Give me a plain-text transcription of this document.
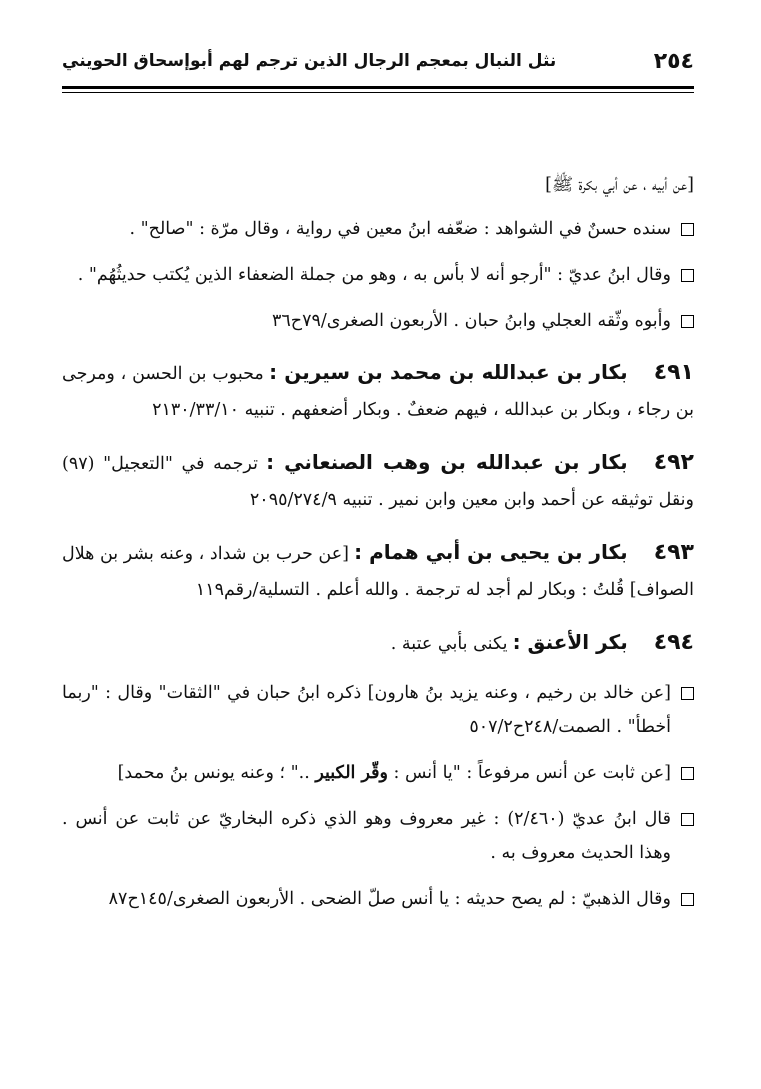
٢٥٤
نثل النبال بمعجم الرجال الذين ترجم لهم أبوإسحاق الحويني
[عن أبيه ، عن أبي بكرة ﷺ]
سنده حسنٌ في الشواهد : ضعّفه ابنُ معين في رواية ، وقال مرّة : "صالح" .
وقال ابنُ عديّ : "أرجو أنه لا بأس به ، وهو من جملة الضعفاء الذين يُكتب حديثُهُم" .
وأبوه وثّقه العجلي وابنُ حبان . الأربعون الصغرى/٧٩ح٣٦
٤٩١بكار بن عبدالله بن محمد بن سيرين : محبوب بن الحسن ، ومرجى بن رجاء ، وبكار بن عبدالله ، فيهم ضعفٌ . وبكار أضعفهم . تنبيه ٢١٣٠/٣٣/١٠
٤٩٢بكار بن عبدالله بن وهب الصنعاني : ترجمه في "التعجيل" (٩٧) ونقل توثيقه عن أحمد وابن معين وابن نمير . تنبيه ٢٠٩٥/٢٧٤/٩
٤٩٣بكار بن يحيى بن أبي همام : [عن حرب بن شداد ، وعنه بشر بن هلال الصواف] قُلتُ : وبكار لم أجد له ترجمة . والله أعلم . التسلية/رقم١١٩
٤٩٤بكر الأعنق : يكنى بأبي عتبة .
[عن خالد بن رخيم ، وعنه يزيد بنُ هارون] ذكره ابنُ حبان في "الثقات" وقال : "ربما أخطأ" . الصمت/٢٤٨ح٥٠٧/٢
[عن ثابت عن أنس مرفوعاً : "يا أنس : وقّر الكبير .." ؛ وعنه يونس بنُ محمد]
قال ابنُ عديّ (٢/٤٦٠) : غير معروف وهو الذي ذكره البخاريّ عن ثابت عن أنس . وهذا الحديث معروف به .
وقال الذهبيّ : لم يصح حديثه : يا أنس صلّ الضحى . الأربعون الصغرى/١٤٥ح٨٧
